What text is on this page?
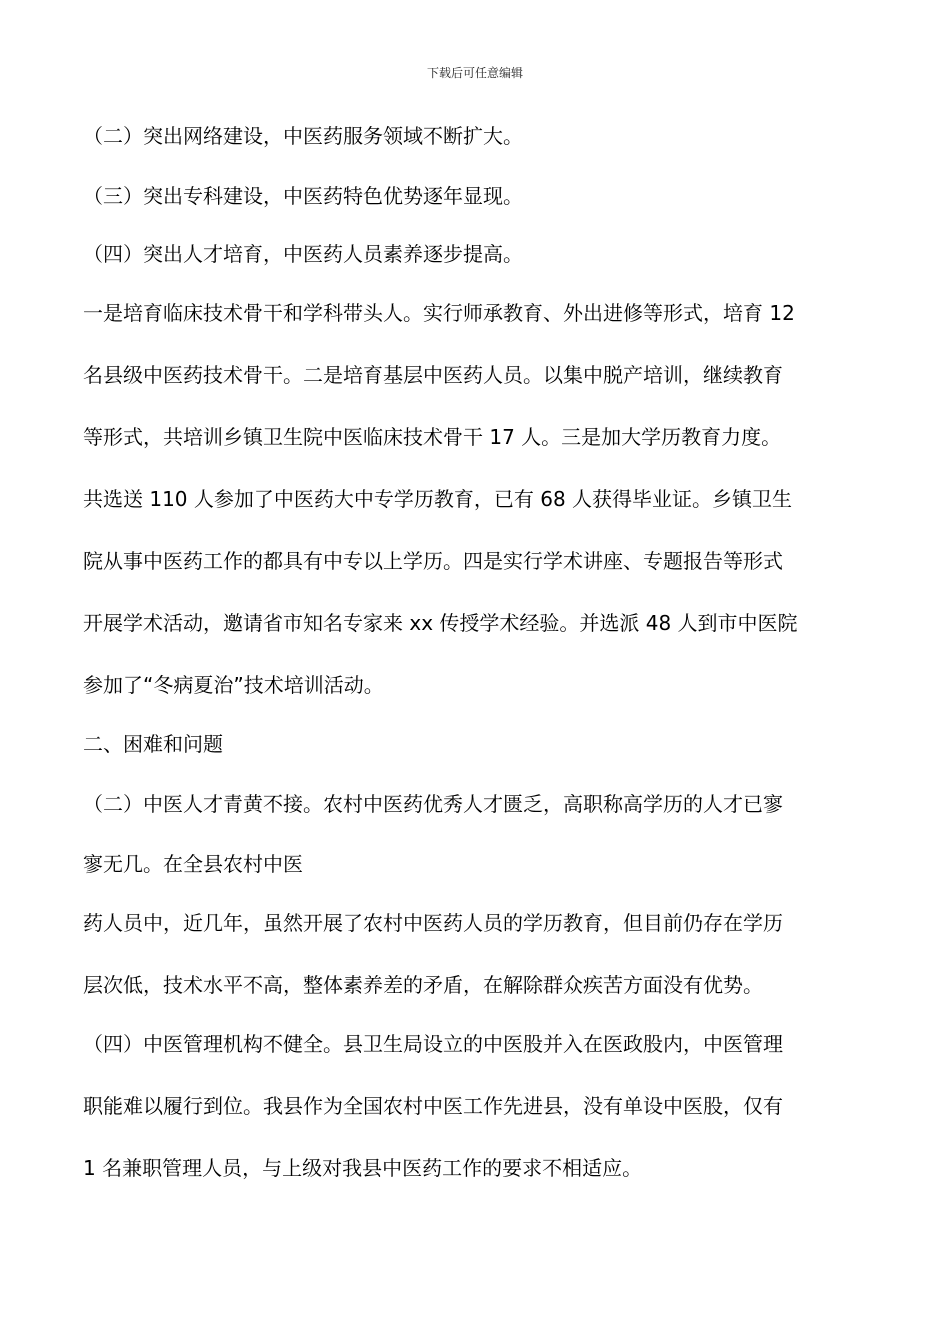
下载后可任意编辑
（二）突出网络建设，中医药服务领域不断扩大。
（三）突出专科建设，中医药特色优势逐年显现。
（四）突出人才培育，中医药人员素养逐步提高。
一是培育临床技术骨干和学科带头人。实行师承教育、外出进修等形式，培育 12
名县级中医药技术骨干。二是培育基层中医药人员。以集中脱产培训，继续教育
等形式，共培训乡镇卫生院中医临床技术骨干 17 人。三是加大学历教育力度。
共选送 110 人参加了中医药大中专学历教育，已有 68 人获得毕业证。乡镇卫生
院从事中医药工作的都具有中专以上学历。四是实行学术讲座、专题报告等形式
开展学术活动，邀请省市知名专家来 xx 传授学术经验。并选派 48 人到市中医院
参加了“冬病夏治”技术培训活动。
二、困难和问题
（二）中医人才青黄不接。农村中医药优秀人才匮乏，高职称高学历的人才已寥
寥无几。在全县农村中医
药人员中，近几年，虽然开展了农村中医药人员的学历教育，但目前仍存在学历
层次低，技术水平不高，整体素养差的矛盾，在解除群众疾苦方面没有优势。
（四）中医管理机构不健全。县卫生局设立的中医股并入在医政股内，中医管理
职能难以履行到位。我县作为全国农村中医工作先进县，没有单设中医股，仅有
1 名兼职管理人员，与上级对我县中医药工作的要求不相适应。
